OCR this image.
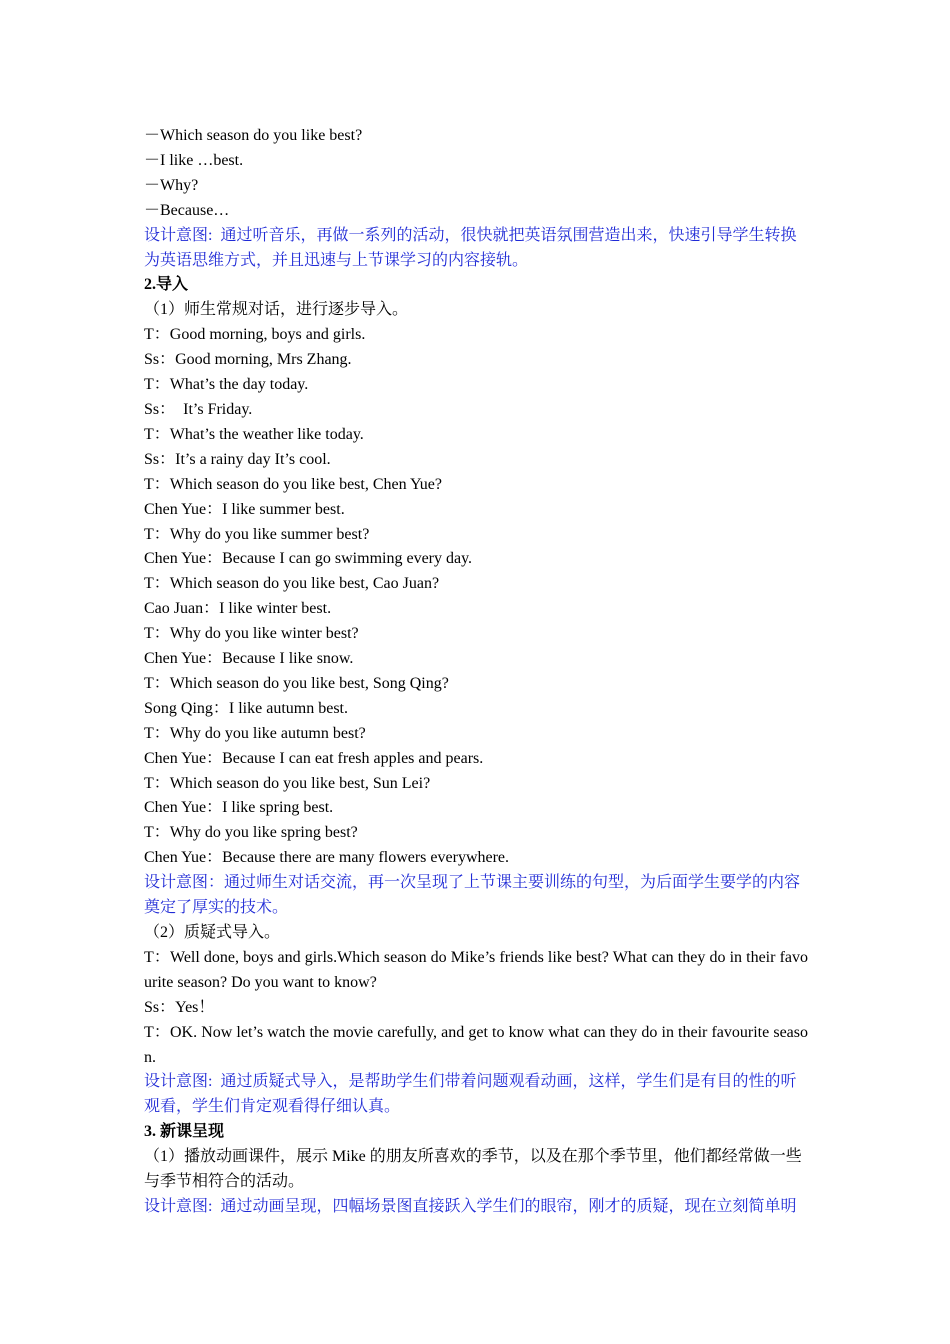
－Which season do you like best?
－I like …best.
－Why?
－Because…
设计意图:  通过听音乐，再做一系列的活动，很快就把英语氛围营造出来，快速引导学生转换为英语思维方式，并且迅速与上节课学习的内容接轨。
2.导入
（1）师生常规对话，进行逐步导入。
T：Good morning, boys and girls.
Ss：Good morning, Mrs Zhang.
T：What’s the day today.
Ss：  It’s Friday.
T：What’s the weather like today.
Ss：It’s a rainy day It’s cool.
T：Which season do you like best, Chen Yue?
Chen Yue：I like summer best.
T：Why do you like summer best?
Chen Yue：Because I can go swimming every day.
T：Which season do you like best, Cao Juan?
Cao Juan：I like winter best.
T：Why do you like winter best?
Chen Yue：Because I like snow.
T：Which season do you like best, Song Qing?
Song Qing：I like autumn best.
T：Why do you like autumn best?
Chen Yue：Because I can eat fresh apples and pears.
T：Which season do you like best, Sun Lei?
Chen Yue：I like spring best.
T：Why do you like spring best?
Chen Yue：Because there are many flowers everywhere.
设计意图：通过师生对话交流，再一次呈现了上节课主要训练的句型，为后面学生要学的内容奠定了厚实的技术。
（2）质疑式导入。
T：Well done, boys and girls.Which season do Mike’s friends like best? What can they do in their favourite season? Do you want to know?
Ss：Yes！
T：OK. Now let’s watch the movie carefully, and get to know what can they do in their favourite season.
设计意图:  通过质疑式导入，是帮助学生们带着问题观看动画，这样，学生们是有目的性的听观看，学生们肯定观看得仔细认真。
3. 新课呈现
（1）播放动画课件，展示 Mike 的朋友所喜欢的季节，以及在那个季节里，他们都经常做一些与季节相符合的活动。
设计意图:  通过动画呈现，四幅场景图直接跃入学生们的眼帘，刚才的质疑，现在立刻简单明
